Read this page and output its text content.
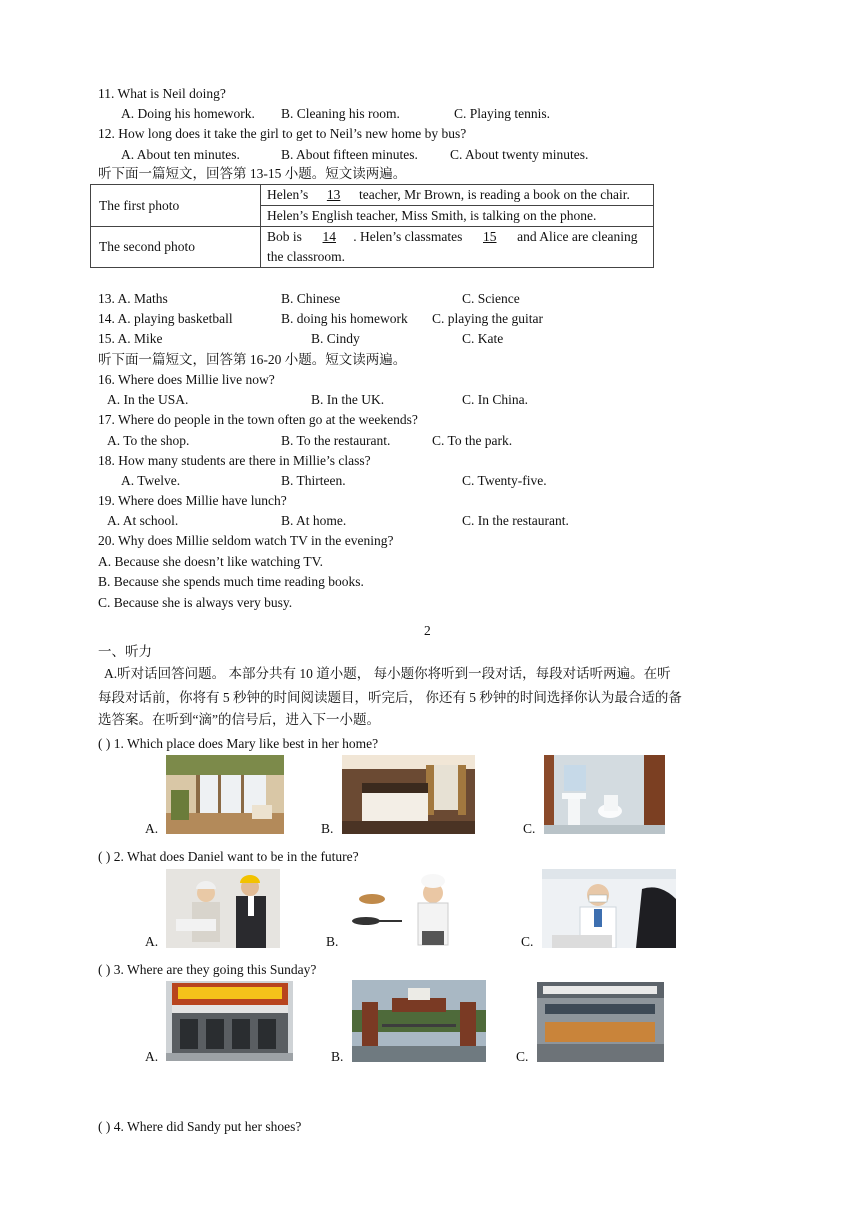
11. What is Neil doing?
A. Doing his homework. B. Cleaning his room.	C. Playing tennis.
12. How long does it take the girl to get to Neil’s new home by bus?
A. About ten minutes.	B. About fifteen minutes. C. About twenty minutes.
听下面一篇短文，回答第 13-15 小题。短文读两遍。
The first photo	Helen’s 13 teacher, Mr Brown, is reading a book on the chair.
	Helen’s English teacher, Miss Smith, is talking on the phone.
The second photo	Bob is 14 . Helen’s classmates 15 and Alice are cleaning the classroom.
13. A. Maths	B. Chinese	C. Science
14. A. playing basketball	B. doing his homework C. playing the guitar
15. A. Mike	B. Cindy	C. Kate
听下面一篇短文，回答第 16-20 小题。短文读两遍。
16. Where does Millie live now?
A. In the USA.	B. In the UK.	C. In China.
17. Where do people in the town often go at the weekends?
A. To the shop.	B. To the restaurant.	C. To the park.
18. How many students are there in Millie’s class?
A. Twelve.	B. Thirteen.	C. Twenty-five.
19. Where does Millie have lunch?
A. At school.	B. At home.	C. In the restaurant.
20. Why does Millie seldom watch TV in the evening?
A. Because she doesn’t like watching TV.
B. Because she spends much time reading books.
C. Because she is always very busy.
2
一、听力
A.听对话回答问题。 本部分共有 10 道小题， 每小题你将听到一段对话，每段对话听两遍。在听
每段对话前，你将有 5 秒钟的时间阅读题目，听完后， 你还有 5 秒钟的时间选择你认为最合适的备
选答案。在听到“滴”的信号后，进入下一小题。
( ) 1. Which place does Mary like best in her home?
A.	B.	C.
( ) 2. What does Daniel want to be in the future?
A.	B.	C.
( ) 3. Where are they going this Sunday?
A.	B.	C.
( ) 4. Where did Sandy put her shoes?
